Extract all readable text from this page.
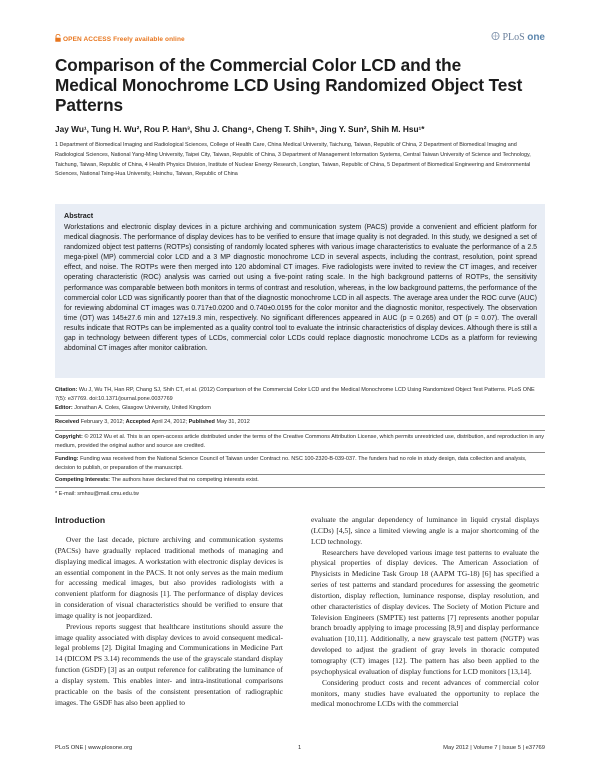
OPEN ACCESS Freely available online	PLoS one
Comparison of the Commercial Color LCD and the Medical Monochrome LCD Using Randomized Object Test Patterns
Jay Wu¹, Tung H. Wu², Rou P. Han³, Shu J. Chang⁴, Cheng T. Shih⁵, Jing Y. Sun², Shih M. Hsu¹*
1 Department of Biomedical Imaging and Radiological Sciences, College of Health Care, China Medical University, Taichung, Taiwan, Republic of China, 2 Department of Biomedical Imaging and Radiological Sciences, National Yang-Ming University, Taipei City, Taiwan, Republic of China, 3 Department of Management Information Systems, Central Taiwan University of Science and Technology, Taichung, Taiwan, Republic of China, 4 Health Physics Division, Institute of Nuclear Energy Research, Longtan, Taiwan, Republic of China, 5 Department of Biomedical Engineering and Environmental Sciences, National Tsing-Hua University, Hsinchu, Taiwan, Republic of China
Abstract

Workstations and electronic display devices in a picture archiving and communication system (PACS) provide a convenient and efficient platform for medical diagnosis. The performance of display devices has to be verified to ensure that image quality is not degraded. In this study, we designed a set of randomized object test patterns (ROTPs) consisting of randomly located spheres with various image characteristics to evaluate the performance of a 2.5 mega-pixel (MP) commercial color LCD and a 3 MP diagnostic monochrome LCD in several aspects, including the contrast, resolution, point spread effect, and noise. The ROTPs were then merged into 120 abdominal CT images. Five radiologists were invited to review the CT images, and receiver operating characteristic (ROC) analysis was carried out using a five-point rating scale. In the high background patterns of ROTPs, the sensitivity performance was comparable between both monitors in terms of contrast and resolution, whereas, in the low background patterns, the performance of the commercial color LCD was significantly poorer than that of the diagnostic monochrome LCD in all aspects. The average area under the ROC curve (AUC) for reviewing abdominal CT images was 0.717±0.0200 and 0.740±0.0195 for the color monitor and the diagnostic monitor, respectively. The observation time (OT) was 145±27.6 min and 127±19.3 min, respectively. No significant differences appeared in AUC (p = 0.265) and OT (p = 0.07). The overall results indicate that ROTPs can be implemented as a quality control tool to evaluate the intrinsic characteristics of display devices. Although there is still a gap in technology between different types of LCDs, commercial color LCDs could replace diagnostic monochrome LCDs as a platform for reviewing abdominal CT images after monitor calibration.

Citation: Wu J, Wu TH, Han RP, Chang SJ, Shih CT, et al. (2012) Comparison of the Commercial Color LCD and the Medical Monochrome LCD Using Randomized Object Test Patterns. PLoS ONE 7(5): e37769. doi:10.1371/journal.pone.0037769
Editor: Jonathan A. Coles, Glasgow University, United Kingdom
Received February 3, 2012; Accepted April 24, 2012; Published May 31, 2012
Copyright: © 2012 Wu et al. This is an open-access article distributed under the terms of the Creative Commons Attribution License, which permits unrestricted use, distribution, and reproduction in any medium, provided the original author and source are credited.
Funding: Funding was received from the National Science Council of Taiwan under Contract no. NSC 100-2320-B-039-037. The funders had no role in study design, data collection and analysis, decision to publish, or preparation of the manuscript.
Competing Interests: The authors have declared that no competing interests exist.
* E-mail: smhsu@mail.cmu.edu.tw
Introduction

Over the last decade, picture archiving and communication systems (PACSs) have gradually replaced traditional methods of managing and displaying medical images. A workstation with electronic display devices is an essential component in the PACS. It not only serves as the main medium for accessing medical images, but also provides radiologists with a convenient platform for diagnosis [1]. The performance of display devices in consideration of visual characteristics should be verified to ensure that image quality is not jeopardized.

Previous reports suggest that healthcare institutions should assure the image quality associated with display devices to avoid consequent medical-legal problems [2]. Digital Imaging and Communications in Medicine Part 14 (DICOM PS 3.14) recommends the use of the grayscale standard display function (GSDF) [3] as an output reference for calibrating the luminance of a display system. This enables inter- and intra-institutional comparisons practicable on the basis of the consistent presentation of radiographic images. The GSDF has also been applied to

evaluate the angular dependency of luminance in liquid crystal displays (LCDs) [4,5], since a limited viewing angle is a major shortcoming of the LCD technology.

Researchers have developed various image test patterns to evaluate the physical properties of display devices. The American Association of Physicists in Medicine Task Group 18 (AAPM TG-18) [6] has specified a series of test patterns and standard procedures for assessing the geometric distortion, display reflection, luminance response, display resolution, and other characteristics of display devices. The Society of Motion Picture and Television Engineers (SMPTE) test patterns [7] represents another popular branch broadly applying to image processing [8,9] and display performance evaluation [10,11]. Additionally, a new grayscale test pattern (NGTP) was developed to adjust the gradient of gray levels in thoracic computed tomography (CT) images [12]. The pattern has also been applied to the psychophysical evaluation of display functions for LCD monitors [13,14].

Considering product costs and recent advances of commercial color monitors, many studies have evaluated the opportunity to replace the medical monochrome LCDs with the commercial

PLoS ONE | www.plosone.org	1	May 2012 | Volume 7 | Issue 5 | e37769
